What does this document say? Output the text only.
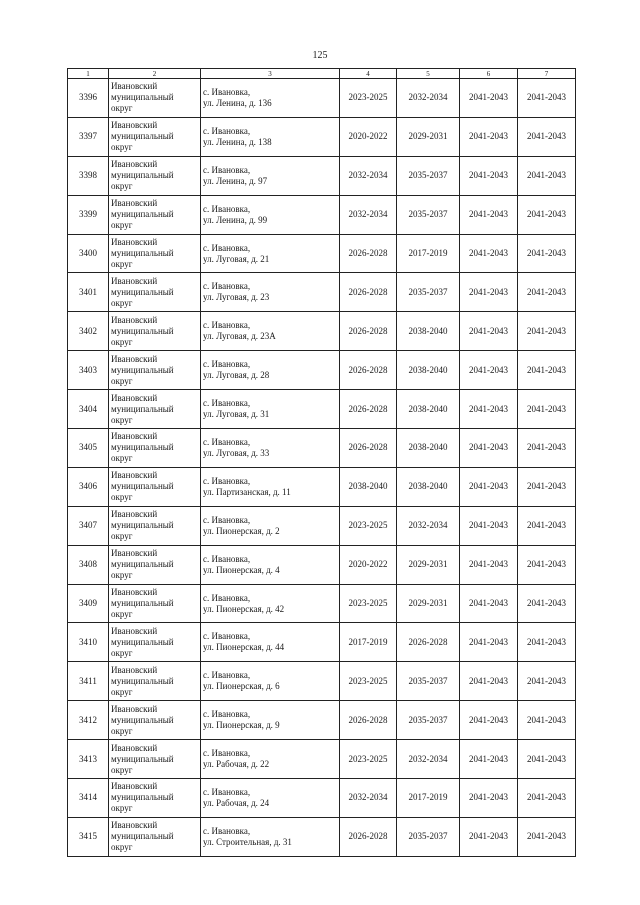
125
1	2	3	4	5	6	7
3396	Ивановский
муниципальный
округ	с. Ивановка,
ул. Ленина, д. 136	2023-2025	2032-2034	2041-2043	2041-2043
3397	Ивановский
муниципальный
округ	с. Ивановка,
ул. Ленина, д. 138	2020-2022	2029-2031	2041-2043	2041-2043
3398	Ивановский
муниципальный
округ	с. Ивановка,
ул. Ленина, д. 97	2032-2034	2035-2037	2041-2043	2041-2043
3399	Ивановский
муниципальный
округ	с. Ивановка,
ул. Ленина, д. 99	2032-2034	2035-2037	2041-2043	2041-2043
3400	Ивановский
муниципальный
округ	с. Ивановка,
ул. Луговая, д. 21	2026-2028	2017-2019	2041-2043	2041-2043
3401	Ивановский
муниципальный
округ	с. Ивановка,
ул. Луговая, д. 23	2026-2028	2035-2037	2041-2043	2041-2043
3402	Ивановский
муниципальный
округ	с. Ивановка,
ул. Луговая, д. 23А	2026-2028	2038-2040	2041-2043	2041-2043
3403	Ивановский
муниципальный
округ	с. Ивановка,
ул. Луговая, д. 28	2026-2028	2038-2040	2041-2043	2041-2043
3404	Ивановский
муниципальный
округ	с. Ивановка,
ул. Луговая, д. 31	2026-2028	2038-2040	2041-2043	2041-2043
3405	Ивановский
муниципальный
округ	с. Ивановка,
ул. Луговая, д. 33	2026-2028	2038-2040	2041-2043	2041-2043
3406	Ивановский
муниципальный
округ	с. Ивановка,
ул. Партизанская, д. 11	2038-2040	2038-2040	2041-2043	2041-2043
3407	Ивановский
муниципальный
округ	с. Ивановка,
ул. Пионерская, д. 2	2023-2025	2032-2034	2041-2043	2041-2043
3408	Ивановский
муниципальный
округ	с. Ивановка,
ул. Пионерская, д. 4	2020-2022	2029-2031	2041-2043	2041-2043
3409	Ивановский
муниципальный
округ	с. Ивановка,
ул. Пионерская, д. 42	2023-2025	2029-2031	2041-2043	2041-2043
3410	Ивановский
муниципальный
округ	с. Ивановка,
ул. Пионерская, д. 44	2017-2019	2026-2028	2041-2043	2041-2043
3411	Ивановский
муниципальный
округ	с. Ивановка,
ул. Пионерская, д. 6	2023-2025	2035-2037	2041-2043	2041-2043
3412	Ивановский
муниципальный
округ	с. Ивановка,
ул. Пионерская, д. 9	2026-2028	2035-2037	2041-2043	2041-2043
3413	Ивановский
муниципальный
округ	с. Ивановка,
ул. Рабочая, д. 22	2023-2025	2032-2034	2041-2043	2041-2043
3414	Ивановский
муниципальный
округ	с. Ивановка,
ул. Рабочая, д. 24	2032-2034	2017-2019	2041-2043	2041-2043
3415	Ивановский
муниципальный
округ	с. Ивановка,
ул. Строительная, д. 31	2026-2028	2035-2037	2041-2043	2041-2043
